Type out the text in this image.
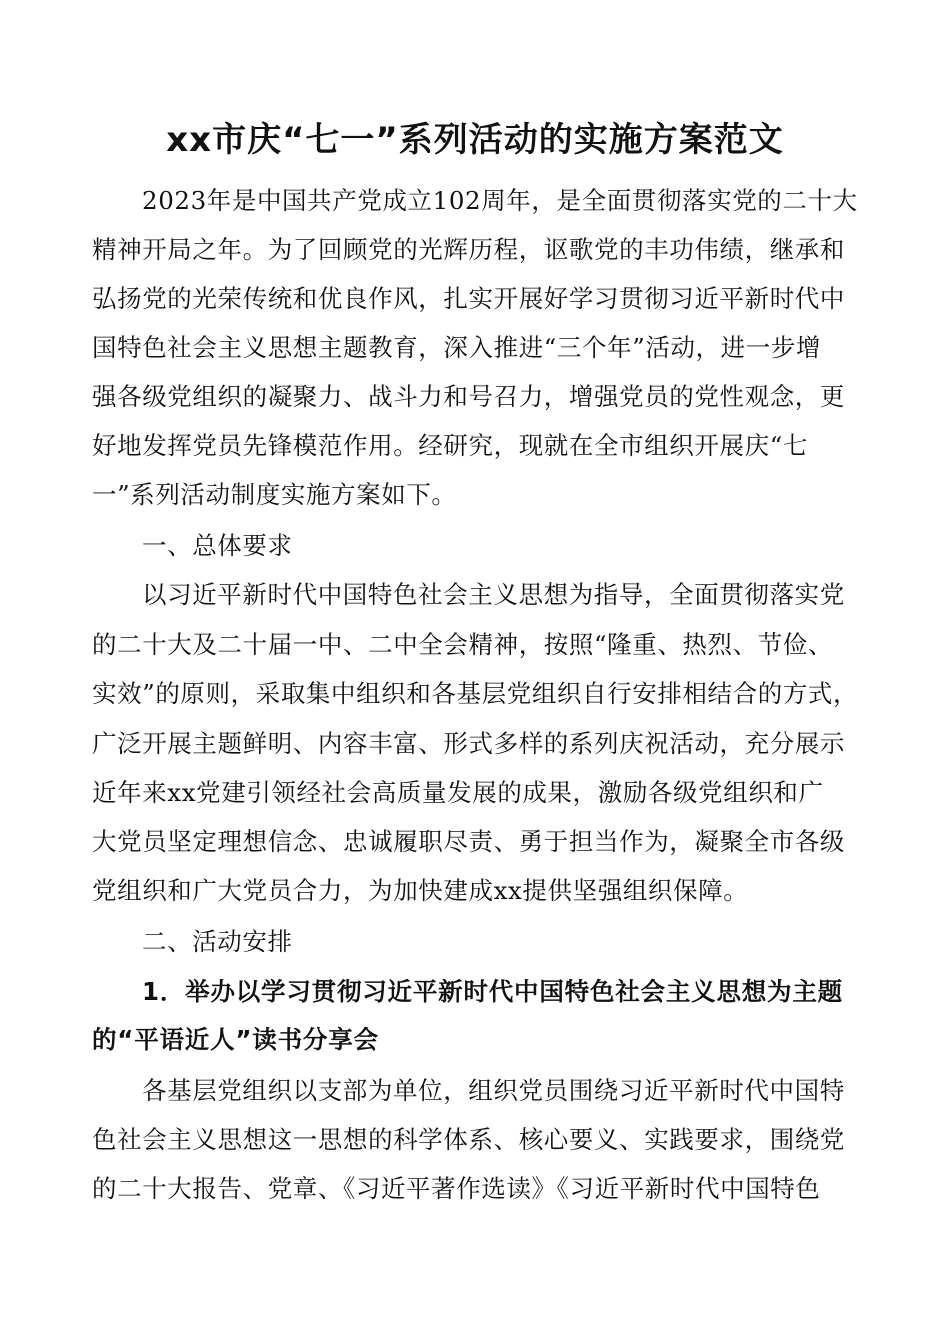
xx市庆“七一”系列活动的实施方案范文
2023年是中国共产党成立102周年，是全面贯彻落实党的二十大
精神开局之年。为了回顾党的光辉历程，讴歌党的丰功伟绩，继承和
弘扬党的光荣传统和优良作风，扎实开展好学习贯彻习近平新时代中
国特色社会主义思想主题教育，深入推进“三个年”活动，进一步增
强各级党组织的凝聚力、战斗力和号召力，增强党员的党性观念，更
好地发挥党员先锋模范作用。经研究，现就在全市组织开展庆“七
一”系列活动制度实施方案如下。
一、总体要求
以习近平新时代中国特色社会主义思想为指导，全面贯彻落实党
的二十大及二十届一中、二中全会精神，按照“隆重、热烈、节俭、
实效”的原则，采取集中组织和各基层党组织自行安排相结合的方式，
广泛开展主题鲜明、内容丰富、形式多样的系列庆祝活动，充分展示
近年来xx党建引领经社会高质量发展的成果，激励各级党组织和广
大党员坚定理想信念、忠诚履职尽责、勇于担当作为，凝聚全市各级
党组织和广大党员合力，为加快建成xx提供坚强组织保障。
二、活动安排
1．举办以学习贯彻习近平新时代中国特色社会主义思想为主题
的“平语近人”读书分享会
各基层党组织以支部为单位，组织党员围绕习近平新时代中国特
色社会主义思想这一思想的科学体系、核心要义、实践要求，围绕党
的二十大报告、党章、《习近平著作选读》《习近平新时代中国特色
